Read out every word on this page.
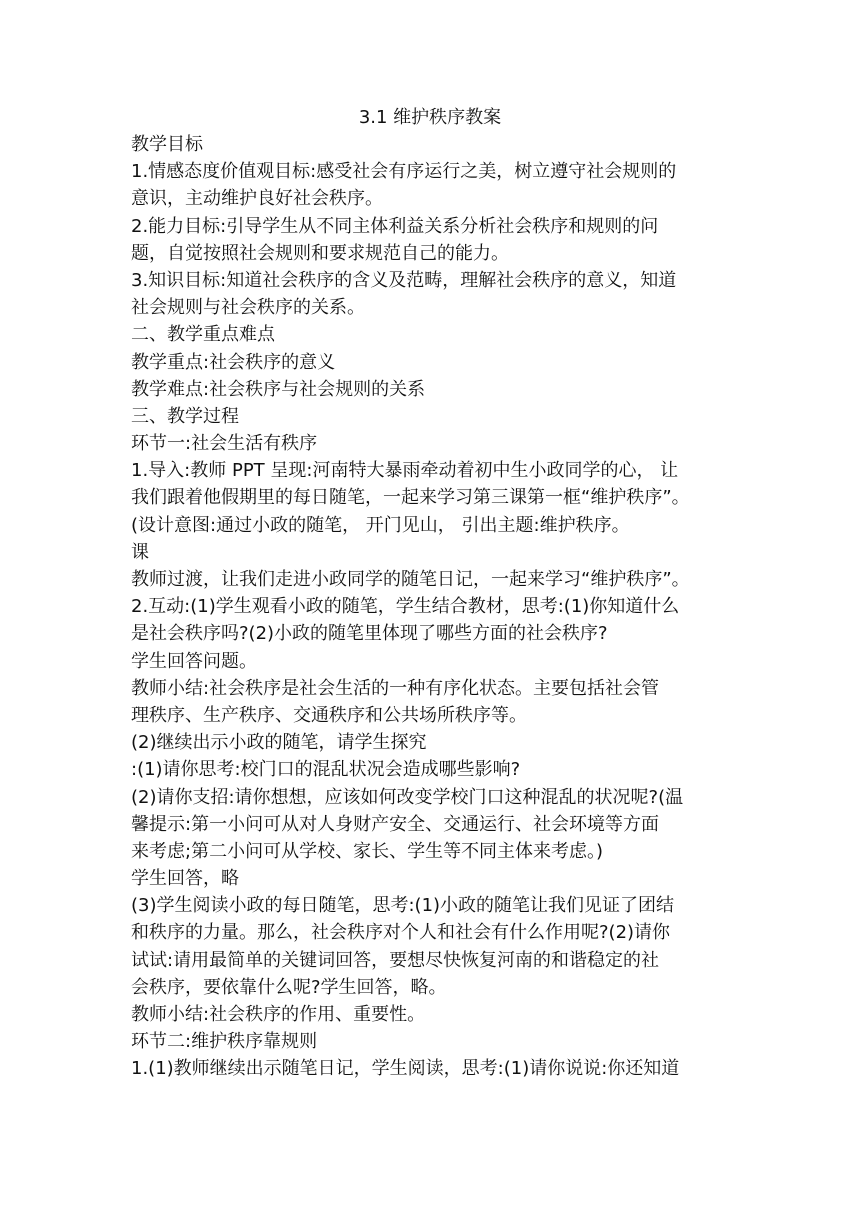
3.1 维护秩序教案

教学目标

1.情感态度价值观目标:感受社会有序运行之美，树立遵守社会规则的

意识，主动维护良好社会秩序。

2.能力目标:引导学生从不同主体利益关系分析社会秩序和规则的问

题，自觉按照社会规则和要求规范自己的能力。

3.知识目标:知道社会秩序的含义及范畴，理解社会秩序的意义，知道

社会规则与社会秩序的关系。

二、教学重点难点

教学重点:社会秩序的意义

教学难点:社会秩序与社会规则的关系

三、教学过程

环节一:社会生活有秩序

1.导入:教师 PPT 呈现:河南特大暴雨牵动着初中生小政同学的心， 让

我们跟着他假期里的每日随笔，一起来学习第三课第一框“维护秩序”。

(设计意图:通过小政的随笔， 开门见山， 引出主题:维护秩序。

课

教师过渡，让我们走进小政同学的随笔日记，一起来学习“维护秩序”。

2.互动:(1)学生观看小政的随笔，学生结合教材，思考:(1)你知道什么

是社会秩序吗?(2)小政的随笔里体现了哪些方面的社会秩序?

学生回答问题。

教师小结:社会秩序是社会生活的一种有序化状态。主要包括社会管

理秩序、生产秩序、交通秩序和公共场所秩序等。

(2)继续出示小政的随笔，请学生探究

:(1)请你思考:校门口的混乱状况会造成哪些影响?

(2)请你支招:请你想想，应该如何改变学校门口这种混乱的状况呢?(温

馨提示:第一小问可从对人身财产安全、交通运行、社会环境等方面

来考虑;第二小问可从学校、家长、学生等不同主体来考虑。)

学生回答，略

(3)学生阅读小政的每日随笔，思考:(1)小政的随笔让我们见证了团结

和秩序的力量。那么，社会秩序对个人和社会有什么作用呢?(2)请你

试试:请用最简单的关键词回答，要想尽快恢复河南的和谐稳定的社

会秩序，要依靠什么呢?学生回答，略。

教师小结:社会秩序的作用、重要性。

环节二:维护秩序靠规则

1.(1)教师继续出示随笔日记，学生阅读，思考:(1)请你说说:你还知道
